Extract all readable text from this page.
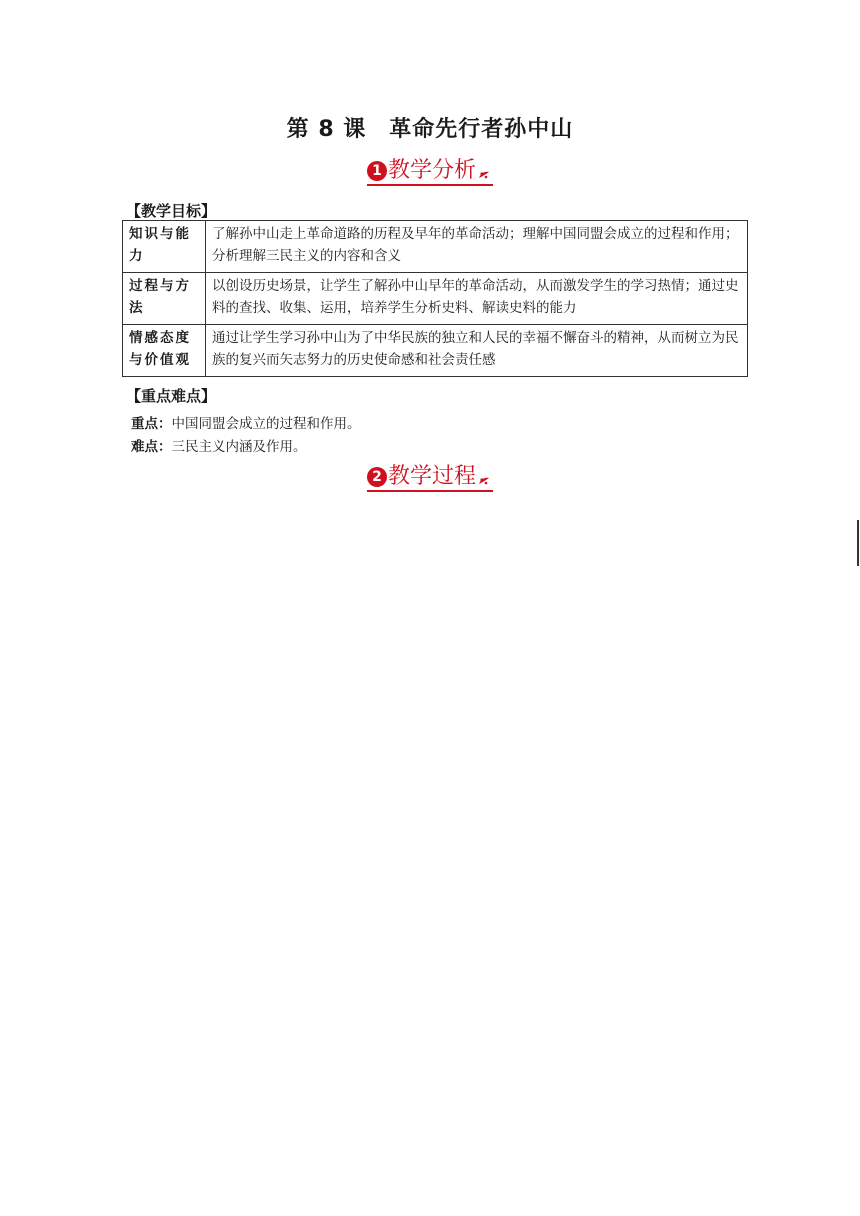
第 8 课　革命先行者孙中山
1 教学分析
【教学目标】
知识与能力	了解孙中山走上革命道路的历程及早年的革命活动；理解中国同盟会成立的过程和作用；分析理解三民主义的内容和含义
过程与方法	以创设历史场景，让学生了解孙中山早年的革命活动，从而激发学生的学习热情；通过史料的查找、收集、运用，培养学生分析史料、解读史料的能力
情感态度与价值观	通过让学生学习孙中山为了中华民族的独立和人民的幸福不懈奋斗的精神，从而树立为民族的复兴而矢志努力的历史使命感和社会责任感
【重点难点】
重点：中国同盟会成立的过程和作用。
难点：三民主义内涵及作用。
2 教学过程
